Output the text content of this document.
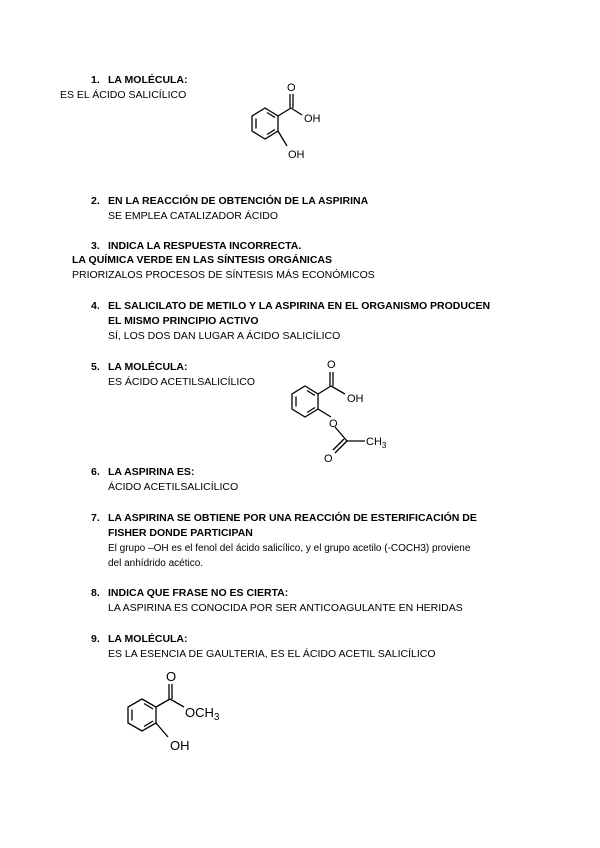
1. LA MOLÉCULA:
ES EL ÁCIDO SALICÍLICO
O
OH
OH
2. EN LA REACCIÓN DE OBTENCIÓN DE LA ASPIRINA
SE EMPLEA CATALIZADOR ÁCIDO
3. INDICA LA RESPUESTA INCORRECTA.
LA QUÍMICA VERDE EN LAS SÍNTESIS ORGÁNICAS
PRIORIZALOS PROCESOS DE SÍNTESIS MÁS ECONÓMICOS
4. EL SALICILATO DE METILO Y LA ASPIRINA EN EL ORGANISMO PRODUCEN
EL MISMO PRINCIPIO ACTIVO
SÍ, LOS DOS DAN LUGAR A ÁCIDO SALICÍLICO
5. LA MOLÉCULA:
ES ÁCIDO ACETILSALICÍLICO
O
OH
O
O
$CH_3$
6. LA ASPIRINA ES:
ÁCIDO ACETILSALICÍLICO
7. LA ASPIRINA SE OBTIENE POR UNA REACCIÓN DE ESTERIFICACIÓN DE
FISHER DONDE PARTICIPAN
El grupo –OH es el fenol del ácido salicílico, y el grupo acetilo (-COCH3) proviene
del anhídrido acético.
8. INDICA QUE FRASE NO ES CIERTA:
LA ASPIRINA ES CONOCIDA POR SER ANTICOAGULANTE EN HERIDAS
9. LA MOLÉCULA:
ES LA ESENCIA DE GAULTERIA, ES EL ÁCIDO ACETIL SALICÍLICO
O
$OCH_3$
OH
